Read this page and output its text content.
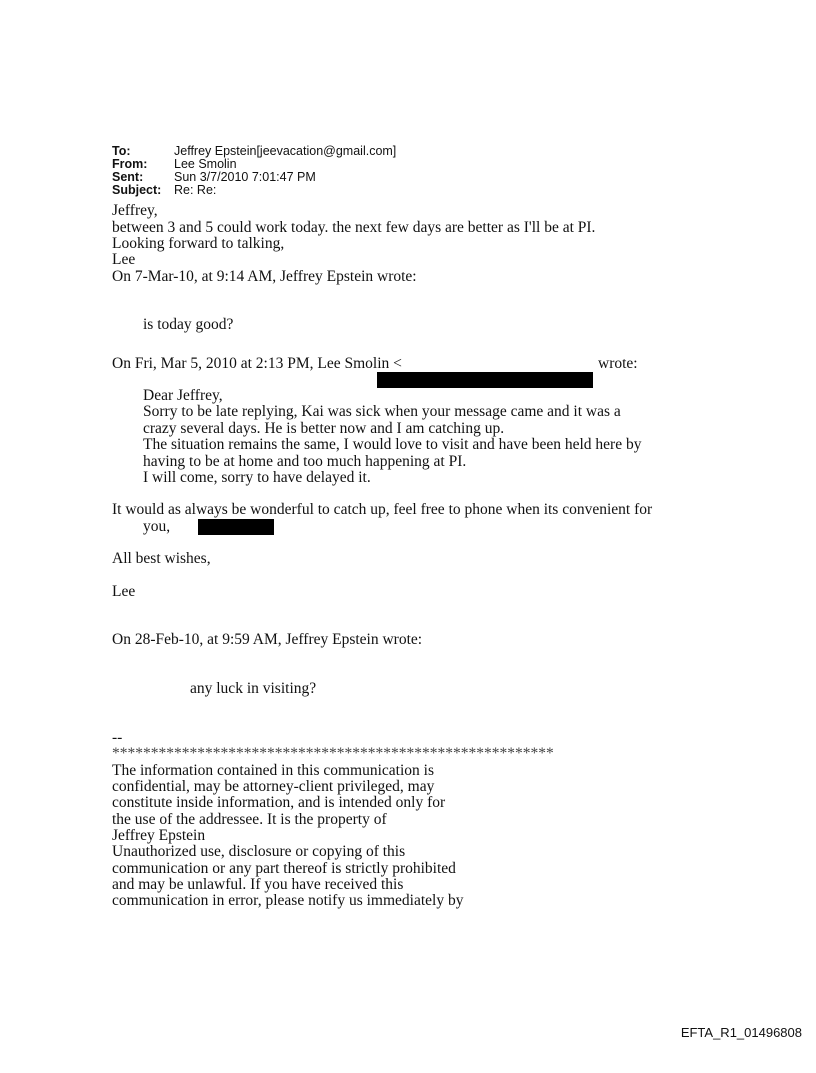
To:	Jeffrey Epstein[jeevacation@gmail.com]
From: Lee Smolin
Sent: Sun 3/7/2010 7:01:47 PM
Subject: Re: Re:
Jeffrey,
between 3 and 5 could work today. the next few days are better as I'll be at PI.
Looking forward to talking,
Lee
On 7-Mar-10, at 9:14 AM, Jeffrey Epstein wrote:
is today good?
On Fri, Mar 5, 2010 at 2:13 PM, Lee Smolin <	wrote:
Dear Jeffrey,
Sorry to be late replying, Kai was sick when your message came and it was a
crazy several days. He is better now and I am catching up.
The situation remains the same, I would love to visit and have been held here by
having to be at home and too much happening at PI.
I will come, sorry to have delayed it.
It would as always be wonderful to catch up, feel free to phone when its convenient for
you,
All best wishes,
Lee
On 28-Feb-10, at 9:59 AM, Jeffrey Epstein wrote:
any luck in visiting?
--
*********************************************************
The information contained in this communication is
confidential, may be attorney-client privileged, may
constitute inside information, and is intended only for
the use of the addressee. It is the property of
Jeffrey Epstein
Unauthorized use, disclosure or copying of this
communication or any part thereof is strictly prohibited
and may be unlawful. If you have received this
communication in error, please notify us immediately by
EFTA_R1_01496808
